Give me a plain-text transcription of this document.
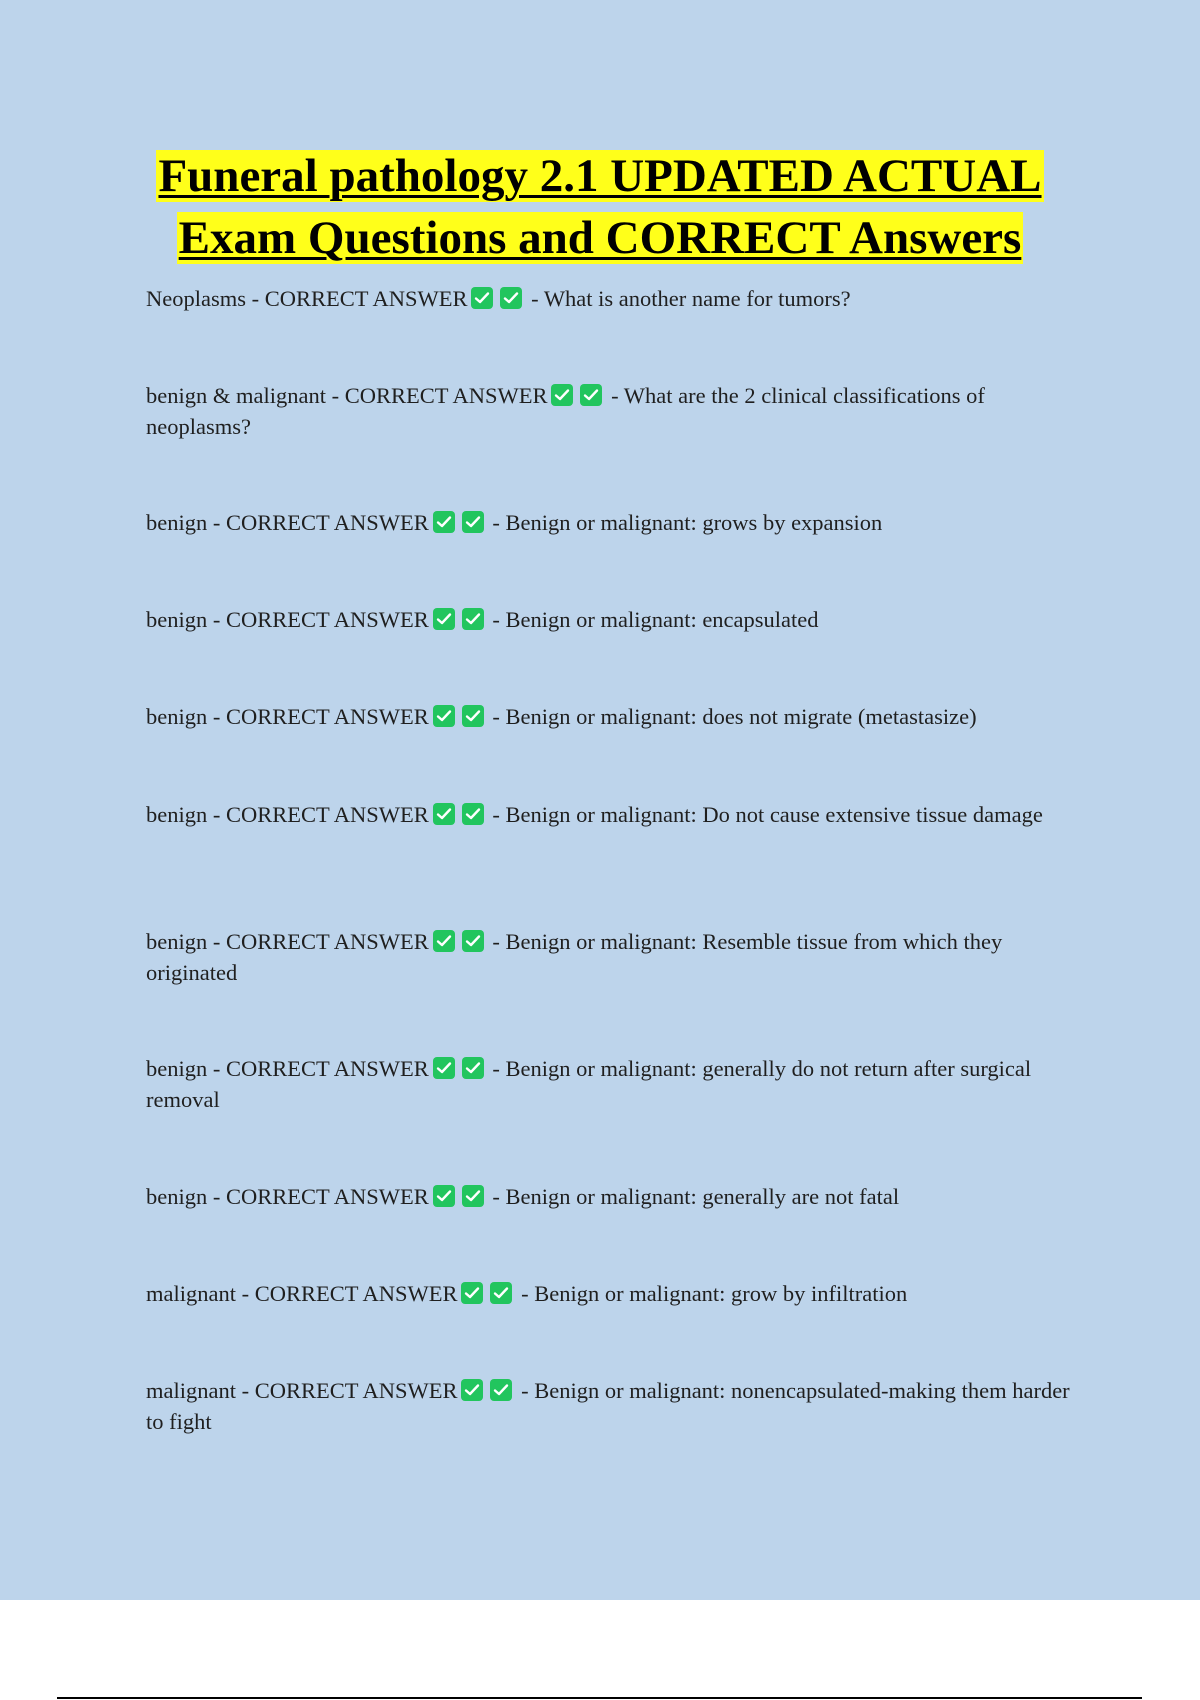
Funeral pathology 2.1 UPDATED ACTUAL
Exam Questions and CORRECT Answers
Neoplasms - CORRECT ANSWER	- What is another name for tumors?
benign & malignant - CORRECT ANSWER	- What are the 2 clinical classifications of neoplasms?
benign - CORRECT ANSWER	- Benign or malignant: grows by expansion
benign - CORRECT ANSWER	- Benign or malignant: encapsulated
benign - CORRECT ANSWER	- Benign or malignant: does not migrate (metastasize)
benign - CORRECT ANSWER	- Benign or malignant: Do not cause extensive tissue damage
benign - CORRECT ANSWER	- Benign or malignant: Resemble tissue from which they originated
benign - CORRECT ANSWER	- Benign or malignant: generally do not return after surgical removal
benign - CORRECT ANSWER	- Benign or malignant: generally are not fatal
malignant - CORRECT ANSWER	- Benign or malignant: grow by infiltration
malignant - CORRECT ANSWER	- Benign or malignant: nonencapsulated-making them harder to fight
